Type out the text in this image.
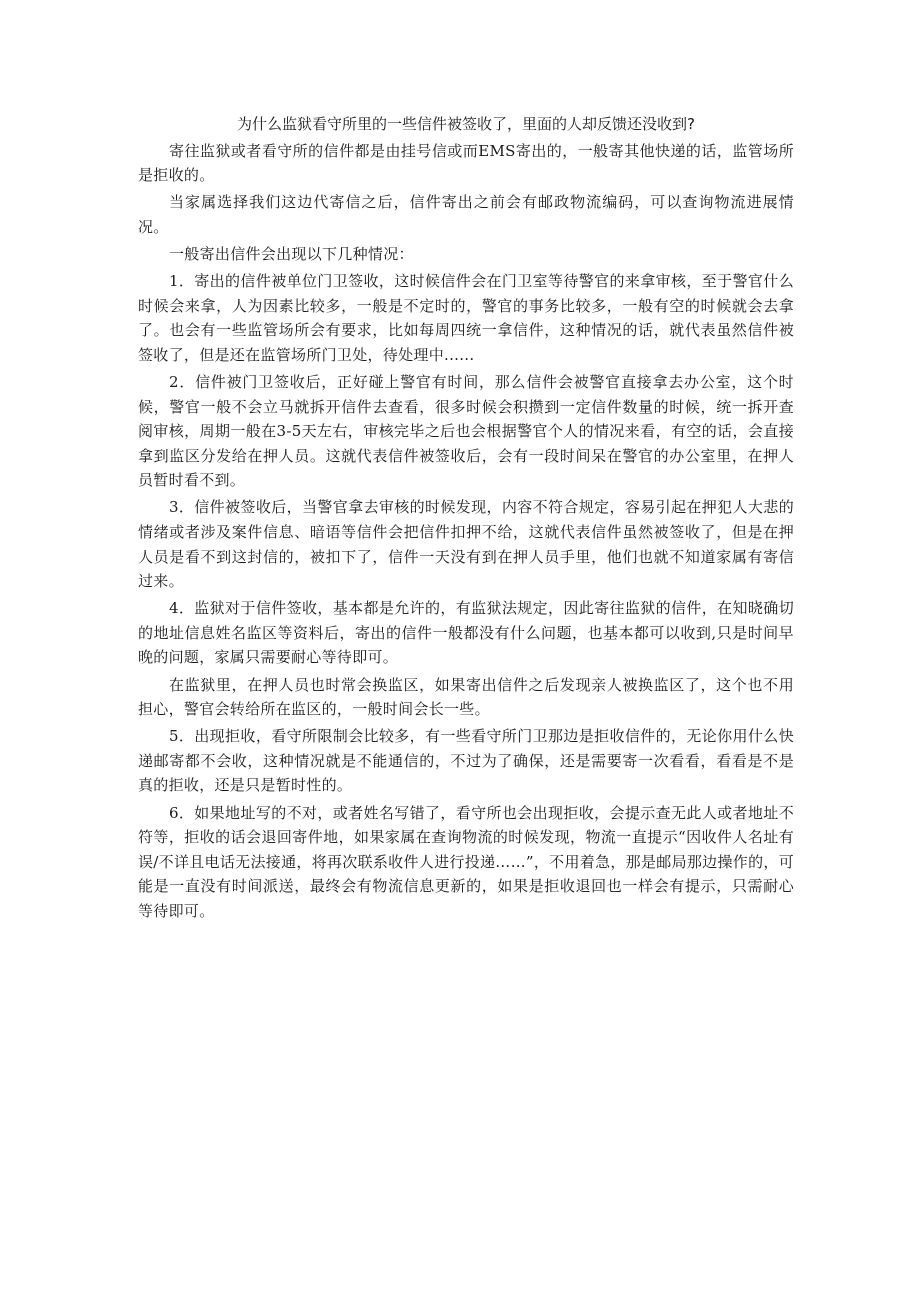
为什么监狱看守所里的一些信件被签收了，里面的人却反馈还没收到?

寄往监狱或者看守所的信件都是由挂号信或而EMS寄出的，一般寄其他快递的话，监管场所是拒收的。

当家属选择我们这边代寄信之后，信件寄出之前会有邮政物流编码，可以查询物流进展情况。

一般寄出信件会出现以下几种情况：

1．寄出的信件被单位门卫签收，这时候信件会在门卫室等待警官的来拿审核，至于警官什么时候会来拿，人为因素比较多，一般是不定时的，警官的事务比较多，一般有空的时候就会去拿了。也会有一些监管场所会有要求，比如每周四统一拿信件，这种情况的话，就代表虽然信件被签收了，但是还在监管场所门卫处，待处理中......

2．信件被门卫签收后，正好碰上警官有时间，那么信件会被警官直接拿去办公室，这个时候，警官一般不会立马就拆开信件去查看，很多时候会积攒到一定信件数量的时候，统一拆开查阅审核，周期一般在3-5天左右，审核完毕之后也会根据警官个人的情况来看，有空的话，会直接拿到监区分发给在押人员。这就代表信件被签收后，会有一段时间呆在警官的办公室里，在押人员暂时看不到。

3．信件被签收后，当警官拿去审核的时候发现，内容不符合规定，容易引起在押犯人大悲的情绪或者涉及案件信息、暗语等信件会把信件扣押不给，这就代表信件虽然被签收了，但是在押人员是看不到这封信的，被扣下了，信件一天没有到在押人员手里，他们也就不知道家属有寄信过来。

4．监狱对于信件签收，基本都是允许的，有监狱法规定，因此寄往监狱的信件，在知晓确切的地址信息姓名监区等资料后，寄出的信件一般都没有什么问题，也基本都可以收到,只是时间早晚的问题，家属只需要耐心等待即可。

在监狱里，在押人员也时常会换监区，如果寄出信件之后发现亲人被换监区了，这个也不用担心，警官会转给所在监区的，一般时间会长一些。

5．出现拒收，看守所限制会比较多，有一些看守所门卫那边是拒收信件的，无论你用什么快递邮寄都不会收，这种情况就是不能通信的，不过为了确保，还是需要寄一次看看，看看是不是真的拒收，还是只是暂时性的。

6．如果地址写的不对，或者姓名写错了，看守所也会出现拒收，会提示查无此人或者地址不符等，拒收的话会退回寄件地，如果家属在查询物流的时候发现，物流一直提示“因收件人名址有误/不详且电话无法接通，将再次联系收件人进行投递……”，不用着急，那是邮局那边操作的，可能是一直没有时间派送，最终会有物流信息更新的，如果是拒收退回也一样会有提示，只需耐心等待即可。
